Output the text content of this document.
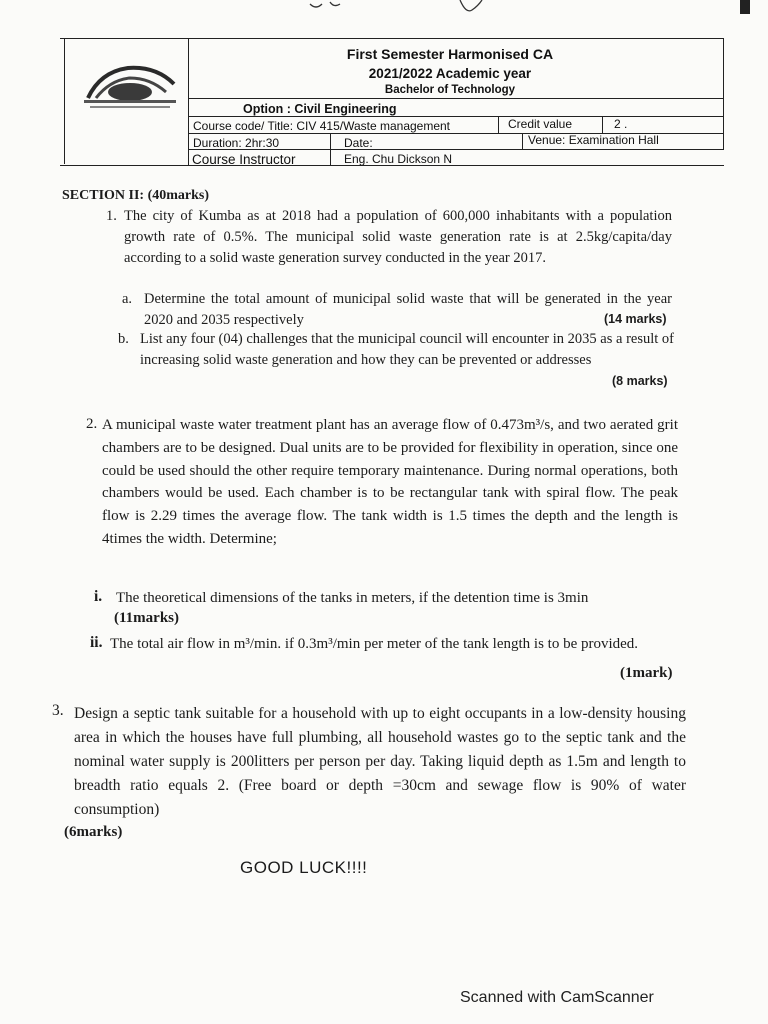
First Semester Harmonised CA
2021/2022 Academic year
Bachelor of Technology
Option : Civil Engineering
Course code/ Title: CIV 415/Waste management	Credit value	2 .
Duration: 2hr:30	Date:	Venue: Examination Hall
Course Instructor	Eng. Chu Dickson N
SECTION II: (40marks)
1. The city of Kumba as at 2018 had a population of 600,000 inhabitants with a population growth rate of 0.5%. The municipal solid waste generation rate is at 2.5kg/capita/day according to a solid waste generation survey conducted in the year 2017.
a. Determine the total amount of municipal solid waste that will be generated in the year 2020 and 2035 respectively	(14 marks)
b. List any four (04) challenges that the municipal council will encounter in 2035 as a result of increasing solid waste generation and how they can be prevented or addresses
(8 marks)
2. A municipal waste water treatment plant has an average flow of 0.473m³/s, and two aerated grit chambers are to be designed. Dual units are to be provided for flexibility in operation, since one could be used should the other require temporary maintenance. During normal operations, both chambers would be used. Each chamber is to be rectangular tank with spiral flow. The peak flow is 2.29 times the average flow. The tank width is 1.5 times the depth and the length is 4times the width. Determine;
i. The theoretical dimensions of the tanks in meters, if the detention time is 3min
(11marks)
ii. The total air flow in m³/min. if 0.3m³/min per meter of the tank length is to be provided.
(1mark)
3. Design a septic tank suitable for a household with up to eight occupants in a low-density housing area in which the houses have full plumbing, all household wastes go to the septic tank and the nominal water supply is 200litters per person per day. Taking liquid depth as 1.5m and length to breadth ratio equals 2. (Free board or depth =30cm and sewage flow is 90% of water consumption)
(6marks)
GOOD LUCK!!!!
Scanned with CamScanner
